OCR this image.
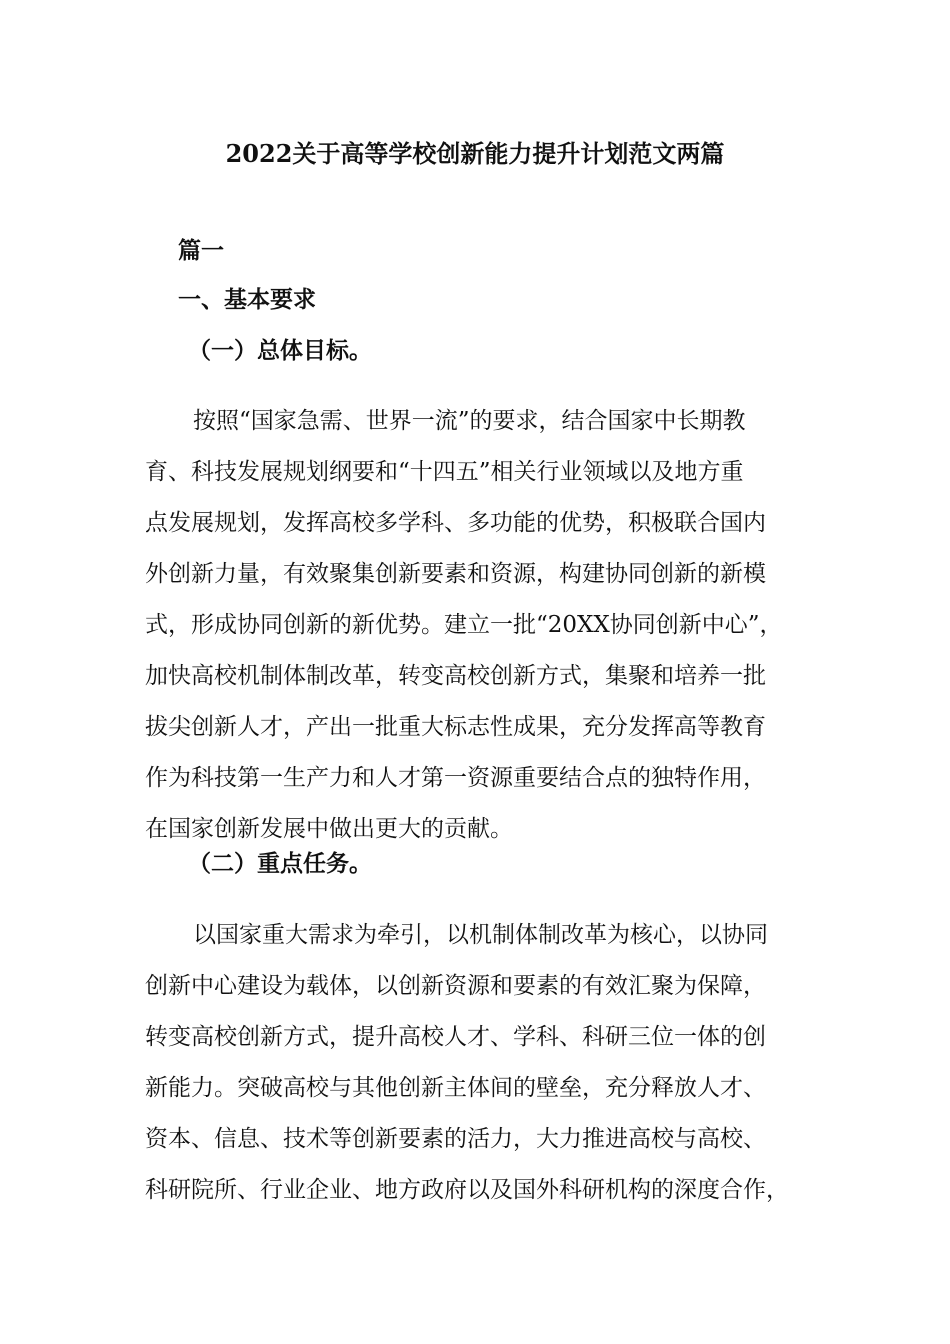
2022关于高等学校创新能力提升计划范文两篇
篇一
一、基本要求
（一）总体目标。
按照“国家急需、世界一流”的要求，结合国家中长期教
育、科技发展规划纲要和“十四五”相关行业领域以及地方重
点发展规划，发挥高校多学科、多功能的优势，积极联合国内
外创新力量，有效聚集创新要素和资源，构建协同创新的新模
式，形成协同创新的新优势。建立一批“20XX协同创新中心”，
加快高校机制体制改革，转变高校创新方式，集聚和培养一批
拔尖创新人才，产出一批重大标志性成果，充分发挥高等教育
作为科技第一生产力和人才第一资源重要结合点的独特作用，
在国家创新发展中做出更大的贡献。
（二）重点任务。
以国家重大需求为牵引，以机制体制改革为核心，以协同
创新中心建设为载体，以创新资源和要素的有效汇聚为保障，
转变高校创新方式，提升高校人才、学科、科研三位一体的创
新能力。突破高校与其他创新主体间的壁垒，充分释放人才、
资本、信息、技术等创新要素的活力，大力推进高校与高校、
科研院所、行业企业、地方政府以及国外科研机构的深度合作，
